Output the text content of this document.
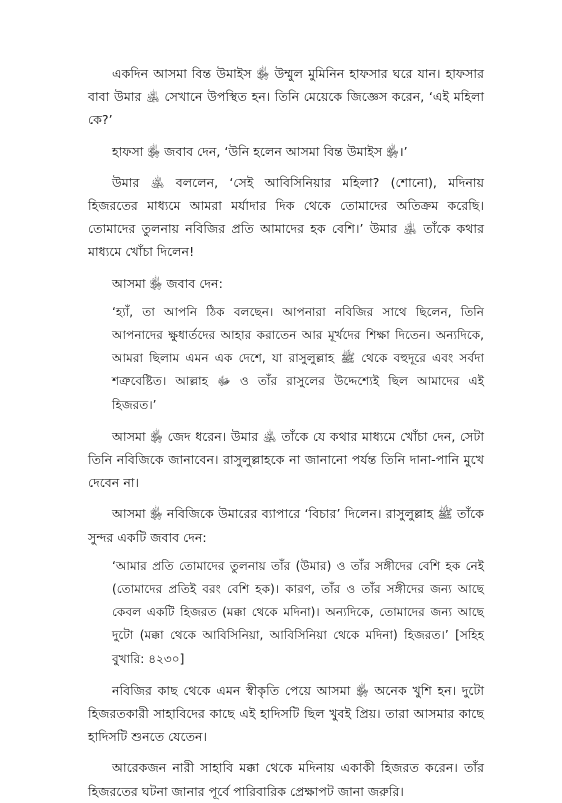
একদিন আসমা বিন্ত উমাইস ﵂ উম্মুল মুমিনিন হাফসার ঘরে যান। হাফসার বাবা উমার ﵁ সেখানে উপস্থিত হন। তিনি মেয়েকে জিজ্ঞেস করেন, ‘এই মহিলা কে?’

হাফসা ﵂ জবাব দেন, ‘উনি হলেন আসমা বিন্ত উমাইস ﵂।’

উমার ﵁ বললেন, ‘সেই আবিসিনিয়ার মহিলা? (শোনো), মদিনায় হিজরতের মাধ্যমে আমরা মর্যাদার দিক থেকে তোমাদের অতিক্রম করেছি। তোমাদের তুলনায় নবিজির প্রতি আমাদের হক বেশি।’ উমার ﵁ তাঁকে কথার মাধ্যমে খোঁচা দিলেন!

আসমা ﵂ জবাব দেন:

‘হ্যাঁ, তা আপনি ঠিক বলছেন। আপনারা নবিজির সাথে ছিলেন, তিনি আপনাদের ক্ষুধার্তদের আহার করাতেন আর মূর্খদের শিক্ষা দিতেন। অন্যদিকে, আমরা ছিলাম এমন এক দেশে, যা রাসুলুল্লাহ ﷺ থেকে বহুদূরে এবং সর্বদা শত্রুবেষ্টিত। আল্লাহ ﷻ ও তাঁর রাসুলের উদ্দেশ্যেই ছিল আমাদের এই হিজরত।’

আসমা ﵂ জেদ ধরেন। উমার ﵁ তাঁকে যে কথার মাধ্যমে খোঁচা দেন, সেটা তিনি নবিজিকে জানাবেন। রাসুলুল্লাহকে না জানানো পর্যন্ত তিনি দানা-পানি মুখে দেবেন না।

আসমা ﵂ নবিজিকে উমারের ব্যাপারে ‘বিচার’ দিলেন। রাসুলুল্লাহ ﷺ তাঁকে সুন্দর একটি জবাব দেন:

‘আমার প্রতি তোমাদের তুলনায় তাঁর (উমার) ও তাঁর সঙ্গীদের বেশি হক নেই (তোমাদের প্রতিই বরং বেশি হক)। কারণ, তাঁর ও তাঁর সঙ্গীদের জন্য আছে কেবল একটি হিজরত (মক্কা থেকে মদিনা)। অন্যদিকে, তোমাদের জন্য আছে দুটো (মক্কা থেকে আবিসিনিয়া, আবিসিনিয়া থেকে মদিনা) হিজরত।’ [সহিহ বুখারি: ৪২৩০]

নবিজির কাছ থেকে এমন স্বীকৃতি পেয়ে আসমা ﵂ অনেক খুশি হন। দুটো হিজরতকারী সাহাবিদের কাছে এই হাদিসটি ছিল খুবই প্রিয়। তারা আসমার কাছে হাদিসটি শুনতে যেতেন।

আরেকজন নারী সাহাবি মক্কা থেকে মদিনায় একাকী হিজরত করেন। তাঁর হিজরতের ঘটনা জানার পূর্বে পারিবারিক প্রেক্ষাপট জানা জরুরি।
